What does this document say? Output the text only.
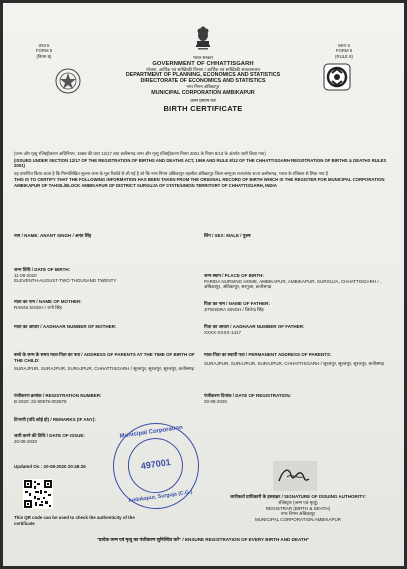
प्रपत्र 5
FORM 5
(नियम 8)
प्ररूप 5
FORM 5
(RULE 8)
भारत सरकार
GOVERNMENT OF CHHATTISGARH
योजना, आर्थिक एवं सांख्यिकी विभाग / आर्थिक एवं सांख्यिकी संचालनालय
DEPARTMENT OF PLANNING, ECONOMICS AND STATISTICS
DIRECTORATE OF ECONOMICS AND STATISTICS
नगर निगम अंबिकापुर
MUNICIPAL CORPORATION AMBIKAPUR
जन्म प्रमाण-पत्र
BIRTH CERTIFICATE
(जन्म और मृत्यु रजिस्ट्रीकरण अधिनियम, 1969 की धारा 12/17 तथा छत्तीसगढ़ जन्म और मृत्यु रजिस्ट्रीकरण नियम 2001 के नियम 8/13 के अंतर्गत जारी किया गया)
(ISSUED UNDER SECTION 12/17 OF THE REGISTRATION OF BIRTHS AND DEATHS ACT, 1969 AND RULE 8/13 OF THE CHHATTISGARH REGISTRATION OF BIRTHS & DEATHS RULES 2001)
यह प्रमाणित किया जाता है कि निम्नलिखित सूचना जन्म के मूल रिकॉर्ड से ली गई है जो कि नगर निगम अंबिकापुर तहसील अंबिकापुर जिला सरगुजा राज्य/संघ राज्य छत्तीसगढ़, भारत के रजिस्टर से लिया गया है
THIS IS TO CERTIFY THAT THE FOLLOWING INFORMATION HAS BEEN TAKEN FROM THE ORIGINAL RECORD OF BIRTH WHICH IS THE REGISTER FOR MUNICIPAL CORPORATION AMBIKAPUR OF TAHSIL/BLOCK AMBIKAPUR OF DISTRICT SURGUJA OF STATE/UNION TERRITORY OF CHHATTISGARH, INDIA
नाम / NAME: ANANT SINGH / अनंत सिंह	लिंग / SEX: MALE / पुरुष
जन्म तिथि / DATE OF BIRTH:
11-08-2020
ELEVENTH-AUGUST-TWO THOUSAND TWENTY
जन्म स्थान / PLACE OF BIRTH:
PARIDA NURSING HOME, AMBIKAPUR, AMBIKAPUR, SURGUJA, CHHATTISGARH / , अंबिकापुर, अंबिकापुर, सरगुजा, छत्तीसगढ़
माता का नाम / NAME OF MOTHER:
RANNI SINGH / रानी सिंह
पिता का नाम / NAME OF FATHER:
JITENDRA SINGH / जितेन्द्र सिंह
माता का आधार / AADHAAR NUMBER OF MOTHER:	पिता का आधार / AADHAAR NUMBER OF FATHER:
XXXX-XXXX-1417
बच्चे के जन्म के समय माता-पिता का पता / ADDRESS OF PARENTS AT THE TIME OF BIRTH OF THE CHILD:
SURAJPUR, SURAJPUR, SURAJPUR, CHHATTISGARH / सूरजपुर, सूरजपुर, सूरजपुर, छत्तीसगढ़
माता-पिता का स्थायी पता / PERMANENT ADDRESS OF PARENTS:
SURAJPUR, SURAJPUR, SURAJPUR, CHHATTISGARH / सूरजपुर, सूरजपुर, सूरजपुर, छत्तीसगढ़
पंजीकरण क्रमांक / REGISTRATION NUMBER:
B-2020: 22-90975-002879
पंजीकरण दिनांक / DATE OF REGISTRATION:
20-08-2020
टिप्पणी (यदि कोई हो) / REMARKS (IF ANY):
जारी करने की तिथि / DATE OF ISSUE:
20-08-2020
Updated On : 20-08-2020 20:48:26
Municipal Corporation
497001
Ambikapur, Surguja (C.G.)
This QR code can be used to check the authenticity of the certificate
जारीकर्ता प्राधिकारी के हस्ताक्षर / SIGNATURE OF ISSUING AUTHORITY:
रजिस्ट्रार (जन्म एवं मृत्यु)
REGISTRAR (BIRTH & DEATH)
नगर निगम अंबिकापुर
MUNICIPAL CORPORATION AMBIKAPUR
"प्रत्येक जन्म एवं मृत्यु का पंजीकरण सुनिश्चित करें" / ENSURE REGISTRATION OF EVERY BIRTH AND DEATH"
